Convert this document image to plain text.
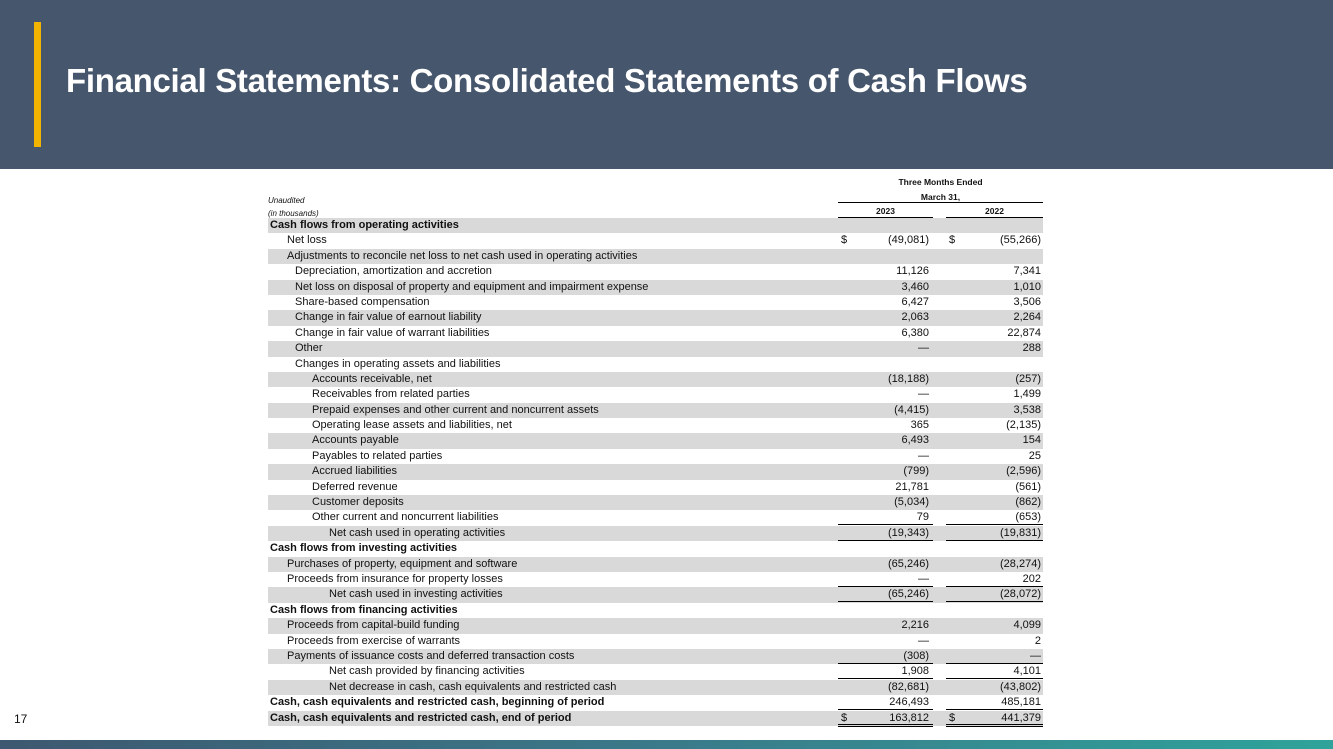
Financial Statements: Consolidated Statements of Cash Flows
Three Months Ended
March 31,
Unaudited
(in thousands)	2023	2022
Cash flows from operating activities
Net loss	$	(49,081)	$	(55,266)
Adjustments to reconcile net loss to net cash used in operating activities
Depreciation, amortization and accretion	11,126	7,341
Net loss on disposal of property and equipment and impairment expense	3,460	1,010
Share-based compensation	6,427	3,506
Change in fair value of earnout liability	2,063	2,264
Change in fair value of warrant liabilities	6,380	22,874
Other	—	288
Changes in operating assets and liabilities
Accounts receivable, net	(18,188)	(257)
Receivables from related parties	—	1,499
Prepaid expenses and other current and noncurrent assets	(4,415)	3,538
Operating lease assets and liabilities, net	365	(2,135)
Accounts payable	6,493	154
Payables to related parties	—	25
Accrued liabilities	(799)	(2,596)
Deferred revenue	21,781	(561)
Customer deposits	(5,034)	(862)
Other current and noncurrent liabilities	79	(653)
Net cash used in operating activities	(19,343)	(19,831)
Cash flows from investing activities
Purchases of property, equipment and software	(65,246)	(28,274)
Proceeds from insurance for property losses	—	202
Net cash used in investing activities	(65,246)	(28,072)
Cash flows from financing activities
Proceeds from capital-build funding	2,216	4,099
Proceeds from exercise of warrants	—	2
Payments of issuance costs and deferred transaction costs	(308)	—
Net cash provided by financing activities	1,908	4,101
Net decrease in cash, cash equivalents and restricted cash	(82,681)	(43,802)
Cash, cash equivalents and restricted cash, beginning of period	246,493	485,181
Cash, cash equivalents and restricted cash, end of period	$	163,812	$	441,379
17
